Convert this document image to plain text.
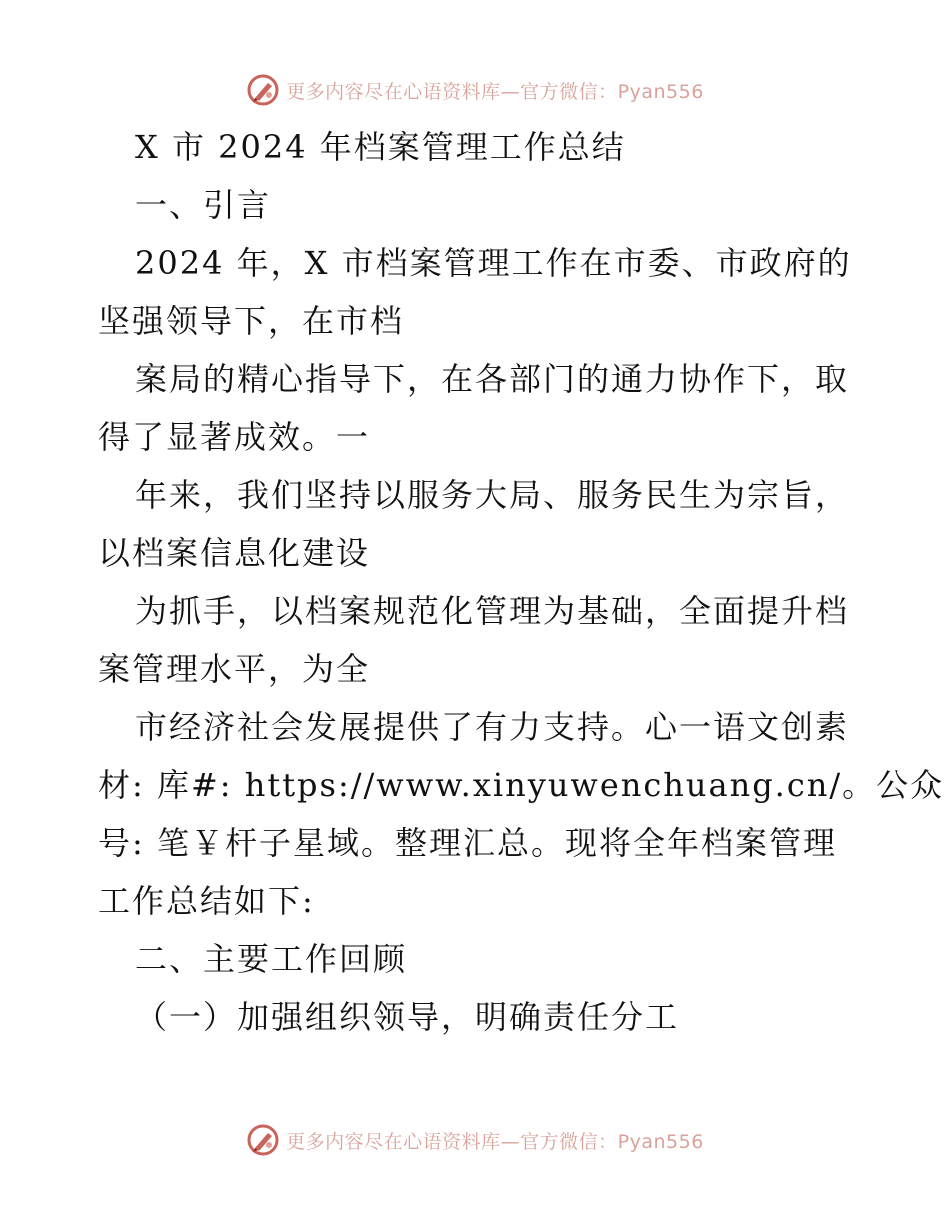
更多内容尽在心语资料库—官方微信：Pyan556
X 市 2024 年档案管理工作总结
一、引言
2024 年，X 市档案管理工作在市委、市政府的
坚强领导下，在市档
案局的精心指导下，在各部门的通力协作下，取
得了显著成效。一
年来，我们坚持以服务大局、服务民生为宗旨，
以档案信息化建设
为抓手，以档案规范化管理为基础，全面提升档
案管理水平，为全
市经济社会发展提供了有力支持。心一语文创素
材: 库#: https://www.xinyuwenchuang.cn/。公众
号: 笔￥杆子星域。整理汇总。现将全年档案管理
工作总结如下:
二、主要工作回顾
（一）加强组织领导，明确责任分工
更多内容尽在心语资料库—官方微信：Pyan556
